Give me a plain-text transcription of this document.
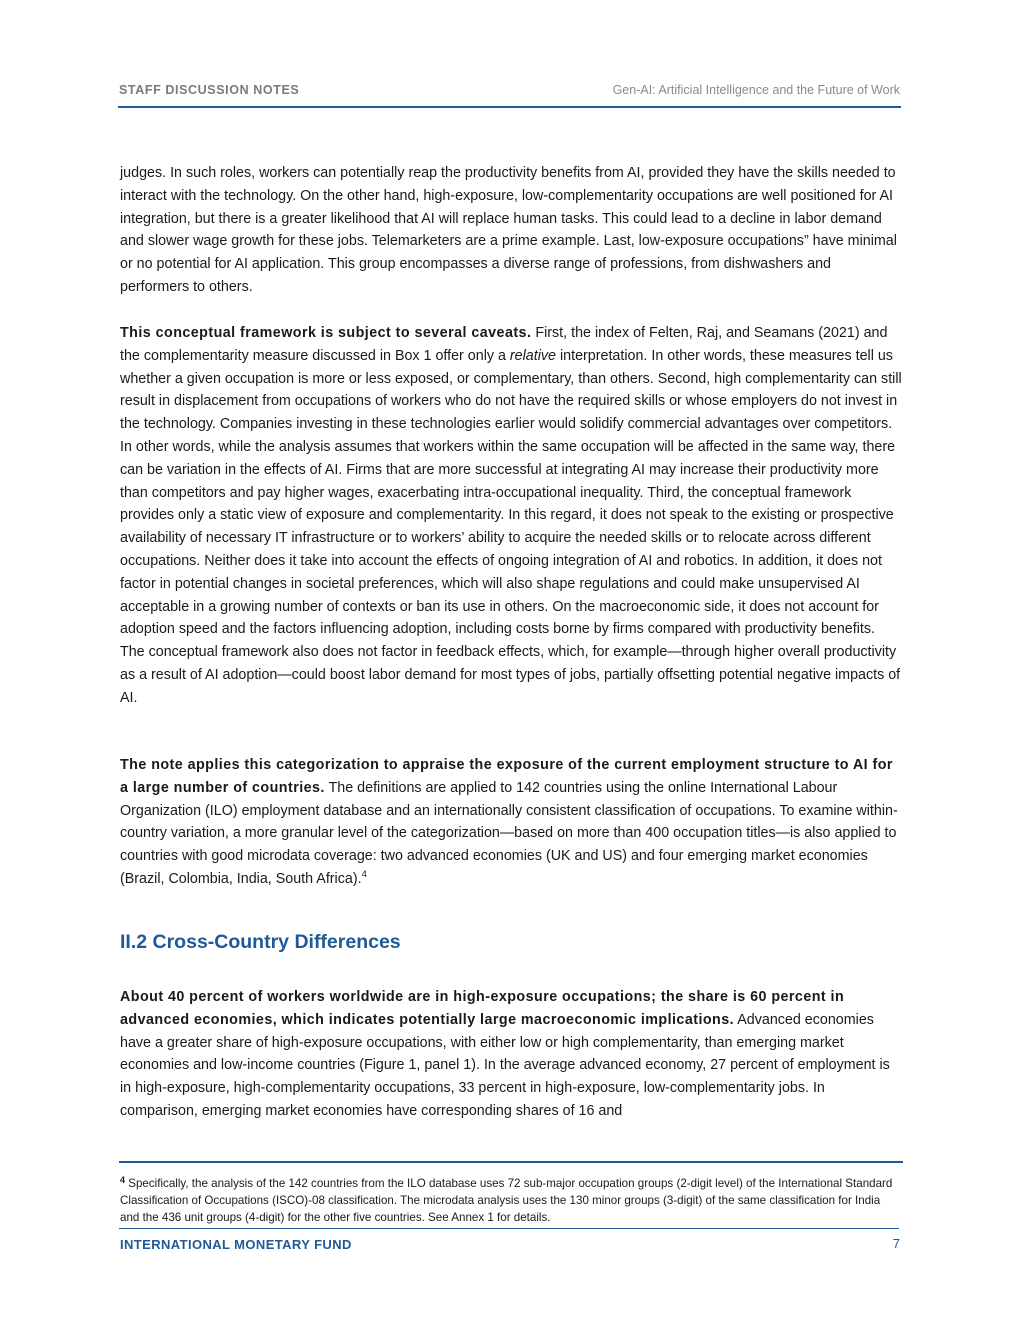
STAFF DISCUSSION NOTES	Gen-AI: Artificial Intelligence and the Future of Work

judges. In such roles, workers can potentially reap the productivity benefits from AI, provided they have the skills needed to interact with the technology. On the other hand, high-exposure, low-complementarity occupations are well positioned for AI integration, but there is a greater likelihood that AI will replace human tasks. This could lead to a decline in labor demand and slower wage growth for these jobs. Telemarketers are a prime example. Last, low-exposure occupations” have minimal or no potential for AI application. This group encompasses a diverse range of professions, from dishwashers and performers to others.

This conceptual framework is subject to several caveats. First, the index of Felten, Raj, and Seamans (2021) and the complementarity measure discussed in Box 1 offer only a relative interpretation. In other words, these measures tell us whether a given occupation is more or less exposed, or complementary, than others. Second, high complementarity can still result in displacement from occupations of workers who do not have the required skills or whose employers do not invest in the technology. Companies investing in these technologies earlier would solidify commercial advantages over competitors. In other words, while the analysis assumes that workers within the same occupation will be affected in the same way, there can be variation in the effects of AI. Firms that are more successful at integrating AI may increase their productivity more than competitors and pay higher wages, exacerbating intra-occupational inequality. Third, the conceptual framework provides only a static view of exposure and complementarity. In this regard, it does not speak to the existing or prospective availability of necessary IT infrastructure or to workers’ ability to acquire the needed skills or to relocate across different occupations. Neither does it take into account the effects of ongoing integration of AI and robotics. In addition, it does not factor in potential changes in societal preferences, which will also shape regulations and could make unsupervised AI acceptable in a growing number of contexts or ban its use in others. On the macroeconomic side, it does not account for adoption speed and the factors influencing adoption, including costs borne by firms compared with productivity benefits. The conceptual framework also does not factor in feedback effects, which, for example—through higher overall productivity as a result of AI adoption—could boost labor demand for most types of jobs, partially offsetting potential negative impacts of AI.

The note applies this categorization to appraise the exposure of the current employment structure to AI for a large number of countries. The definitions are applied to 142 countries using the online International Labour Organization (ILO) employment database and an internationally consistent classification of occupations. To examine within-country variation, a more granular level of the categorization—based on more than 400 occupation titles—is also applied to countries with good microdata coverage: two advanced economies (UK and US) and four emerging market economies (Brazil, Colombia, India, South Africa).$^4$

II.2 Cross-Country Differences

About 40 percent of workers worldwide are in high-exposure occupations; the share is 60 percent in advanced economies, which indicates potentially large macroeconomic implications. Advanced economies have a greater share of high-exposure occupations, with either low or high complementarity, than emerging market economies and low-income countries (Figure 1, panel 1). In the average advanced economy, 27 percent of employment is in high-exposure, high-complementarity occupations, 33 percent in high-exposure, low-complementarity jobs. In comparison, emerging market economies have corresponding shares of 16 and

$^4$ Specifically, the analysis of the 142 countries from the ILO database uses 72 sub-major occupation groups (2-digit level) of the International Standard Classification of Occupations (ISCO)-08 classification. The microdata analysis uses the 130 minor groups (3-digit) of the same classification for India and the 436 unit groups (4-digit) for the other five countries. See Annex 1 for details.

INTERNATIONAL MONETARY FUND	7
